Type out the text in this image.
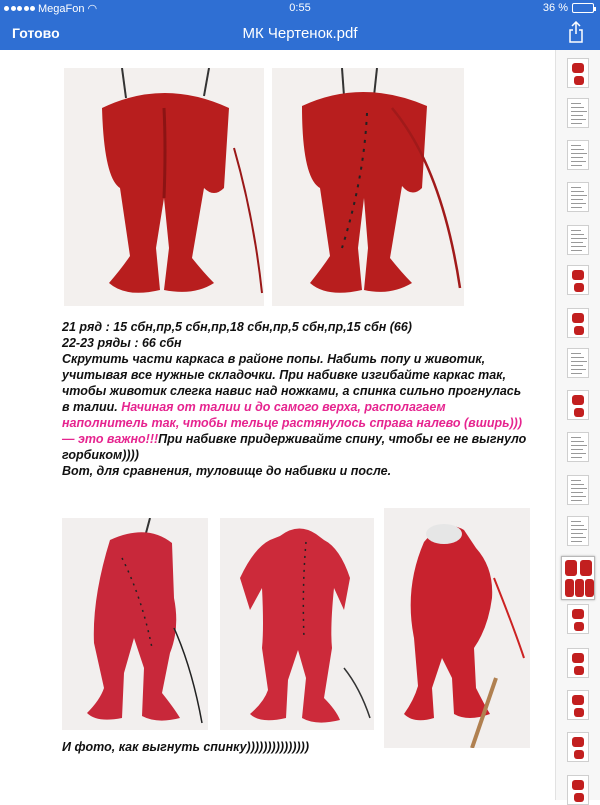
MegaFon ◠	0:55	36 %
Готово	МК Чертенок.pdf

21 ряд : 15 сбн,пр,5 сбн,пр,18 сбн,пр,5 сбн,пр,15 сбн (66)

22-23 ряды : 66 сбн

Скрутить части каркаса в районе попы. Набить попу и животик, учитывая все нужные складочки. При набивке изгибайте каркас так, чтобы животик слегка навис над ножками, а спинка сильно прогнулась в талии. Начиная от талии и до самого верха, располагаем наполнитель так, чтобы тельце растянулось справа налево (вширь))) — это важно!!!При набивке придерживайте спину, чтобы ее не выгнуло горбиком))))

Вот, для сравнения, туловище до набивки и после.

И фото, как выгнуть спинку)))))))))))))))
